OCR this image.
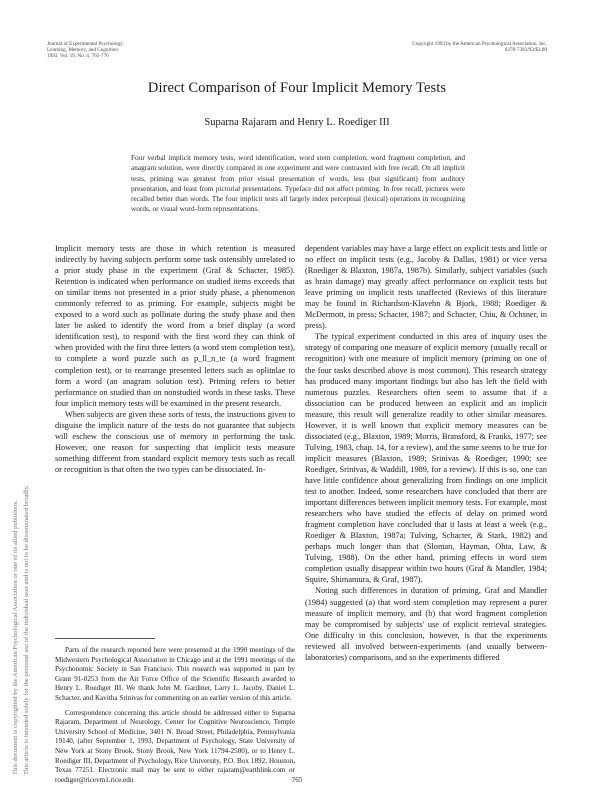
Journal of Experimental Psychology:
Learning, Memory, and Cognition
1993, Vol. 19, No. 4, 765-776
Copyright 1993 by the American Psychological Association, Inc.
0278-7393/93/$3.00
Direct Comparison of Four Implicit Memory Tests
Suparna Rajaram and Henry L. Roediger III
Four verbal implicit memory tests, word identification, word stem completion, word fragment completion, and anagram solution, were directly compared in one experiment and were contrasted with free recall. On all implicit tests, priming was greatest from prior visual presentation of words, less (but significant) from auditory presentation, and least from pictorial presentations. Typeface did not affect priming. In free recall, pictures were recalled better than words. The four implicit tests all largely index perceptual (lexical) operations in recognizing words, or visual word-form representations.
This document is copyrighted by the American Psychological Association or one of its allied publishers. This article is intended solely for the personal use of the individual user and is not to be disseminated broadly.

Implicit memory tests are those in which retention is measured indirectly by having subjects perform some task ostensibly unrelated to a prior study phase in the experiment (Graf & Schacter, 1985). Retention is indicated when performance on studied items exceeds that on similar items not presented in a prior study phase, a phenomenon commonly referred to as priming. For example, subjects might be exposed to a word such as pollinate during the study phase and then later be asked to identify the word from a brief display (a word identification test), to respond with the first word they can think of when provided with the first three letters (a word stem completion test), to complete a word puzzle such as p_ll_n_te (a word fragment completion test), or to rearrange presented letters such as oplitnlae to form a word (an anagram solution test). Priming refers to better performance on studied than on nonstudied words in these tasks. These four implicit memory tests will be examined in the present research.

When subjects are given these sorts of tests, the instructions given to disguise the implicit nature of the tests do not guarantee that subjects will eschew the conscious use of memory in performing the task. However, one reason for suspecting that implicit tests measure something different from standard explicit memory tests such as recall or recognition is that often the two types can be dissociated. In-

Parts of the research reported here were presented at the 1990 meetings of the Midwestern Psychological Association in Chicago and at the 1991 meetings of the Psychonomic Society in San Francisco. This research was supported in part by Grant 91-0253 from the Air Force Office of the Scientific Research awarded to Henry L. Roediger III. We thank John M. Gardiner, Larry L. Jacoby, Daniel L. Schacter, and Kavitha Srinivas for commenting on an earlier version of this article.

Correspondence concerning this article should be addressed either to Suparna Rajaram, Department of Neurology, Center for Cognitive Neuroscience, Temple University School of Medicine, 3401 N. Broad Street, Philadelphia, Pennsylvania 19140, (after September 1, 1993, Department of Psychology, State University of New York at Stony Brook, Stony Brook, New York 11794-2500), or to Henry L. Roediger III, Department of Psychology, Rice University, P.O. Box 1892, Houston, Texas 77251. Electronic mail may be sent to either rajaram@earthlink.com or roediger@ricevm1.rice.edu

dependent variables may have a large effect on explicit tests and little or no effect on implicit tests (e.g., Jacoby & Dallas, 1981) or vice versa (Roediger & Blaxton, 1987a, 1987b). Similarly, subject variables (such as brain damage) may greatly affect performance on explicit tests but leave priming on implicit tests unaffected (Reviews of this literature may be found in Richardson-Klavehn & Bjork, 1988; Roediger & McDermott, in press; Schacter, 1987; and Schacter, Chiu, & Ochsner, in press).

The typical experiment conducted in this area of inquiry uses the strategy of comparing one measure of explicit memory (usually recall or recognition) with one measure of implicit memory (priming on one of the four tasks described above is most common). This research strategy has produced many important findings but also has left the field with numerous puzzles. Researchers often seem to assume that if a dissociation can be produced between an explicit and an implicit measure, this result will generalize readily to other similar measures. However, it is well known that explicit memory measures can be dissociated (e.g., Blaxton, 1989; Morris, Bransford, & Franks, 1977; see Tulving, 1983, chap. 14, for a review), and the same seems to be true for implicit measures (Blaxton, 1989; Srinivas & Roediger, 1990; see Roediger, Srinivas, & Waddill, 1989, for a review). If this is so, one can have little confidence about generalizing from findings on one implicit test to another. Indeed, some researchers have concluded that there are important differences between implicit memory tests. For example, most researchers who have studied the effects of delay on primed word fragment completion have concluded that it lasts at least a week (e.g., Roediger & Blaxton, 1987a; Tulving, Schacter, & Stark, 1982) and perhaps much longer than that (Sloman, Hayman, Ohta, Law, & Tulving, 1988). On the other hand, priming effects in word stem completion usually disappear within two hours (Graf & Mandler, 1984; Squire, Shimamura, & Graf, 1987).

Noting such differences in duration of priming, Graf and Mandler (1984) suggested (a) that word stem completion may represent a purer measure of implicit memory, and (b) that word fragment completion may be compromised by subjects' use of explicit retrieval strategies. One difficulty in this conclusion, however, is that the experiments reviewed all involved between-experiments (and usually between-laboratories) comparisons, and so the experiments differed

765
